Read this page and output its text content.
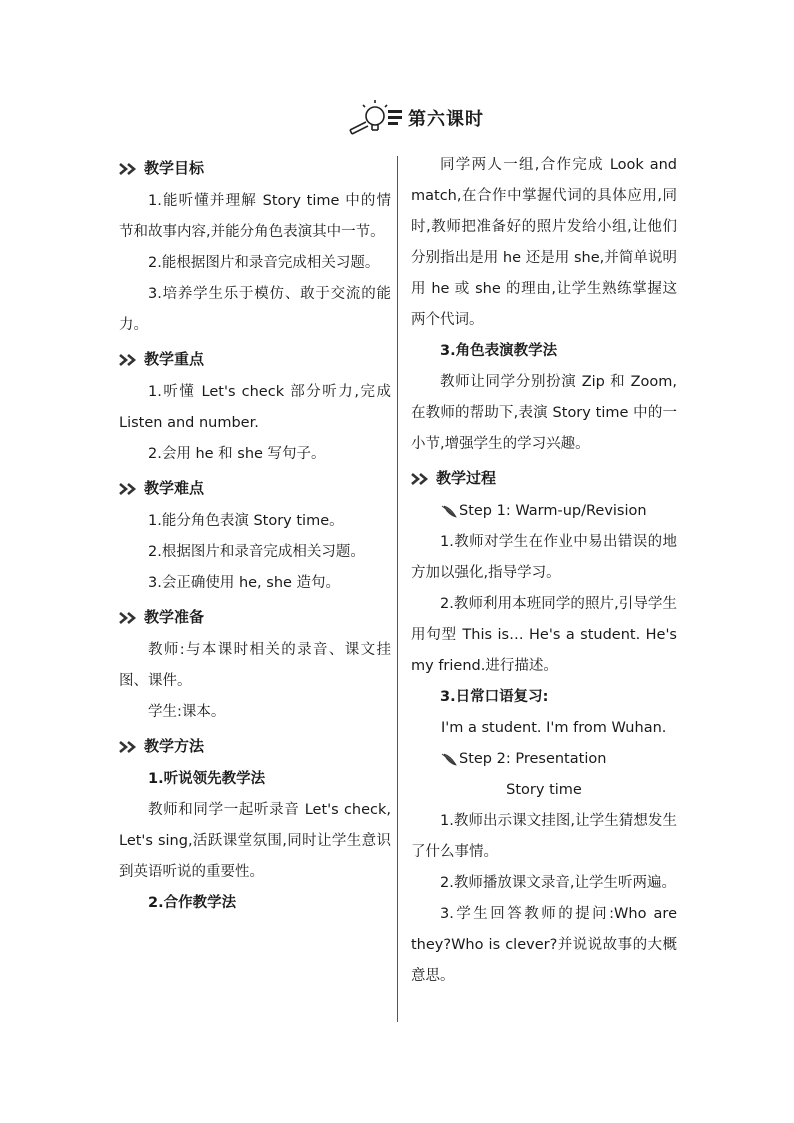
第六课时
教学目标

1.能听懂并理解 Story time 中的情节和故事内容,并能分角色表演其中一节。

2.能根据图片和录音完成相关习题。

3.培养学生乐于模仿、敢于交流的能力。

教学重点

1.听懂 Let's check 部分听力,完成 Listen and number.

2.会用 he 和 she 写句子。

教学难点

1.能分角色表演 Story time。

2.根据图片和录音完成相关习题。

3.会正确使用 he, she 造句。

教学准备

教师:与本课时相关的录音、课文挂图、课件。

学生:课本。

教学方法

1.听说领先教学法

教师和同学一起听录音 Let's check, Let's sing,活跃课堂氛围,同时让学生意识到英语听说的重要性。

2.合作教学法

同学两人一组,合作完成 Look and match,在合作中掌握代词的具体应用,同时,教师把准备好的照片发给小组,让他们分别指出是用 he 还是用 she,并简单说明用 he 或 she 的理由,让学生熟练掌握这两个代词。

3.角色表演教学法

教师让同学分别扮演 Zip 和 Zoom,在教师的帮助下,表演 Story time 中的一小节,增强学生的学习兴趣。

教学过程
Step 1: Warm-up/Revision

1.教师对学生在作业中易出错误的地方加以强化,指导学习。

2.教师利用本班同学的照片,引导学生用句型 This is… He's a student. He's my friend.进行描述。

3.日常口语复习:

I'm a student. I'm from Wuhan.

Step 2: Presentation

Story time

1.教师出示课文挂图,让学生猜想发生了什么事情。

2.教师播放课文录音,让学生听两遍。

3.学生回答教师的提问:Who are they?Who is clever?并说说故事的大概意思。
